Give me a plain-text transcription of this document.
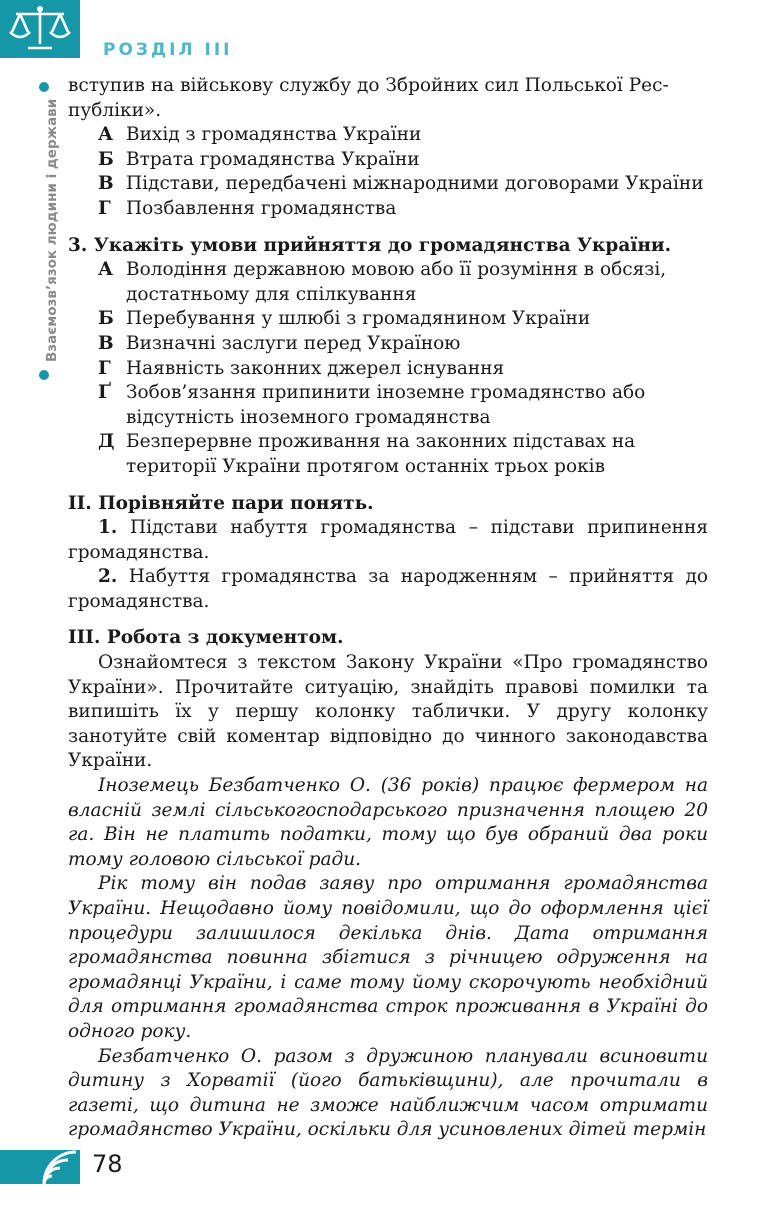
РОЗДІЛ III
Взаємозв’язок людини і держави

вступив на військову службу до Збройних сил Польської Рес-
публіки».

А Вихід з громадянства України
Б Втрата громадянства України
В Підстави, передбачені міжнародними договорами України
Г Позбавлення громадянства

3. Укажіть умови прийняття до громадянства України.

А Володіння державною мовою або її розуміння в обсязі, достатньому для спілкування
Б Перебування у шлюбі з громадянином України
В Визначні заслуги перед Україною
Г Наявність законних джерел існування
Ґ Зобов’язання припинити іноземне громадянство або відсутність іноземного громадянства
Д Безперервне проживання на законних підставах на території України протягом останніх трьох років

II. Порівняйте пари понять.

1. Підстави набуття громадянства – підстави припинення громадянства.

2. Набуття громадянства за народженням – прийняття до громадянства.

III. Робота з документом.

Ознайомтеся з текстом Закону України «Про громадянство України». Прочитайте ситуацію, знайдіть правові помилки та випишіть їх у першу колонку таблички. У другу колонку занотуйте свій коментар відповідно до чинного законодавства України.

Іноземець Безбатченко О. (36 років) працює фермером на власній землі сільськогосподарського призначення площею 20 га. Він не платить податки, тому що був обраний два роки тому головою сільської ради.

Рік тому він подав заяву про отримання громадянства України. Нещодавно йому повідомили, що до оформлення цієї процедури залишилося декілька днів. Дата отримання громадянства повинна збігтися з річницею одруження на громадянці України, і саме тому йому скорочують необхідний для отримання громадянства строк проживання в Україні до одного року.

Безбатченко О. разом з дружиною планували всиновити дитину з Хорватії (його батьківщини), але прочитали в газеті, що дитина не зможе найближчим часом отримати громадянство України, оскільки для усиновлених дітей термін

78
